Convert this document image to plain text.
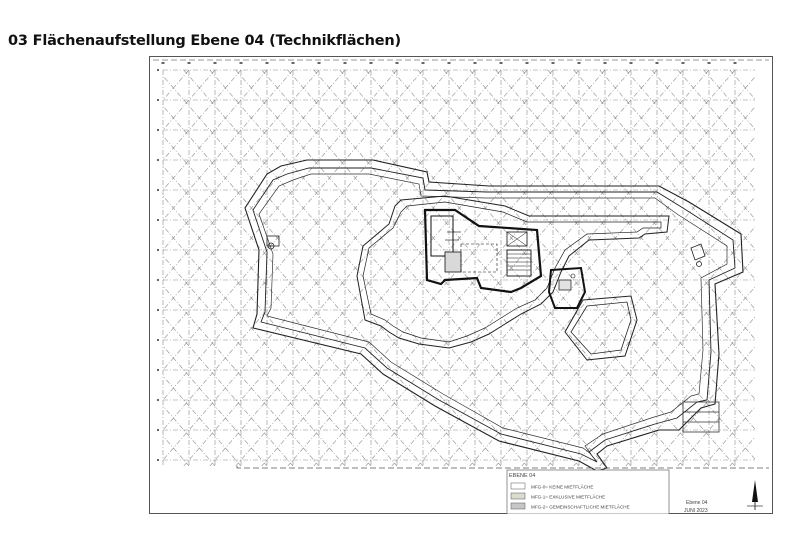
03 Flächenaufstellung Ebene 04 (Technikflächen)
EBENE 04
MFG-0= KEINE MIETFLÄCHE
MFG-1= EXKLUSIVE MIETFLÄCHE
MFG-2= GEMEINSCHAFTLICHE MIETFLÄCHE
Ebene 04
JUNI 2023
